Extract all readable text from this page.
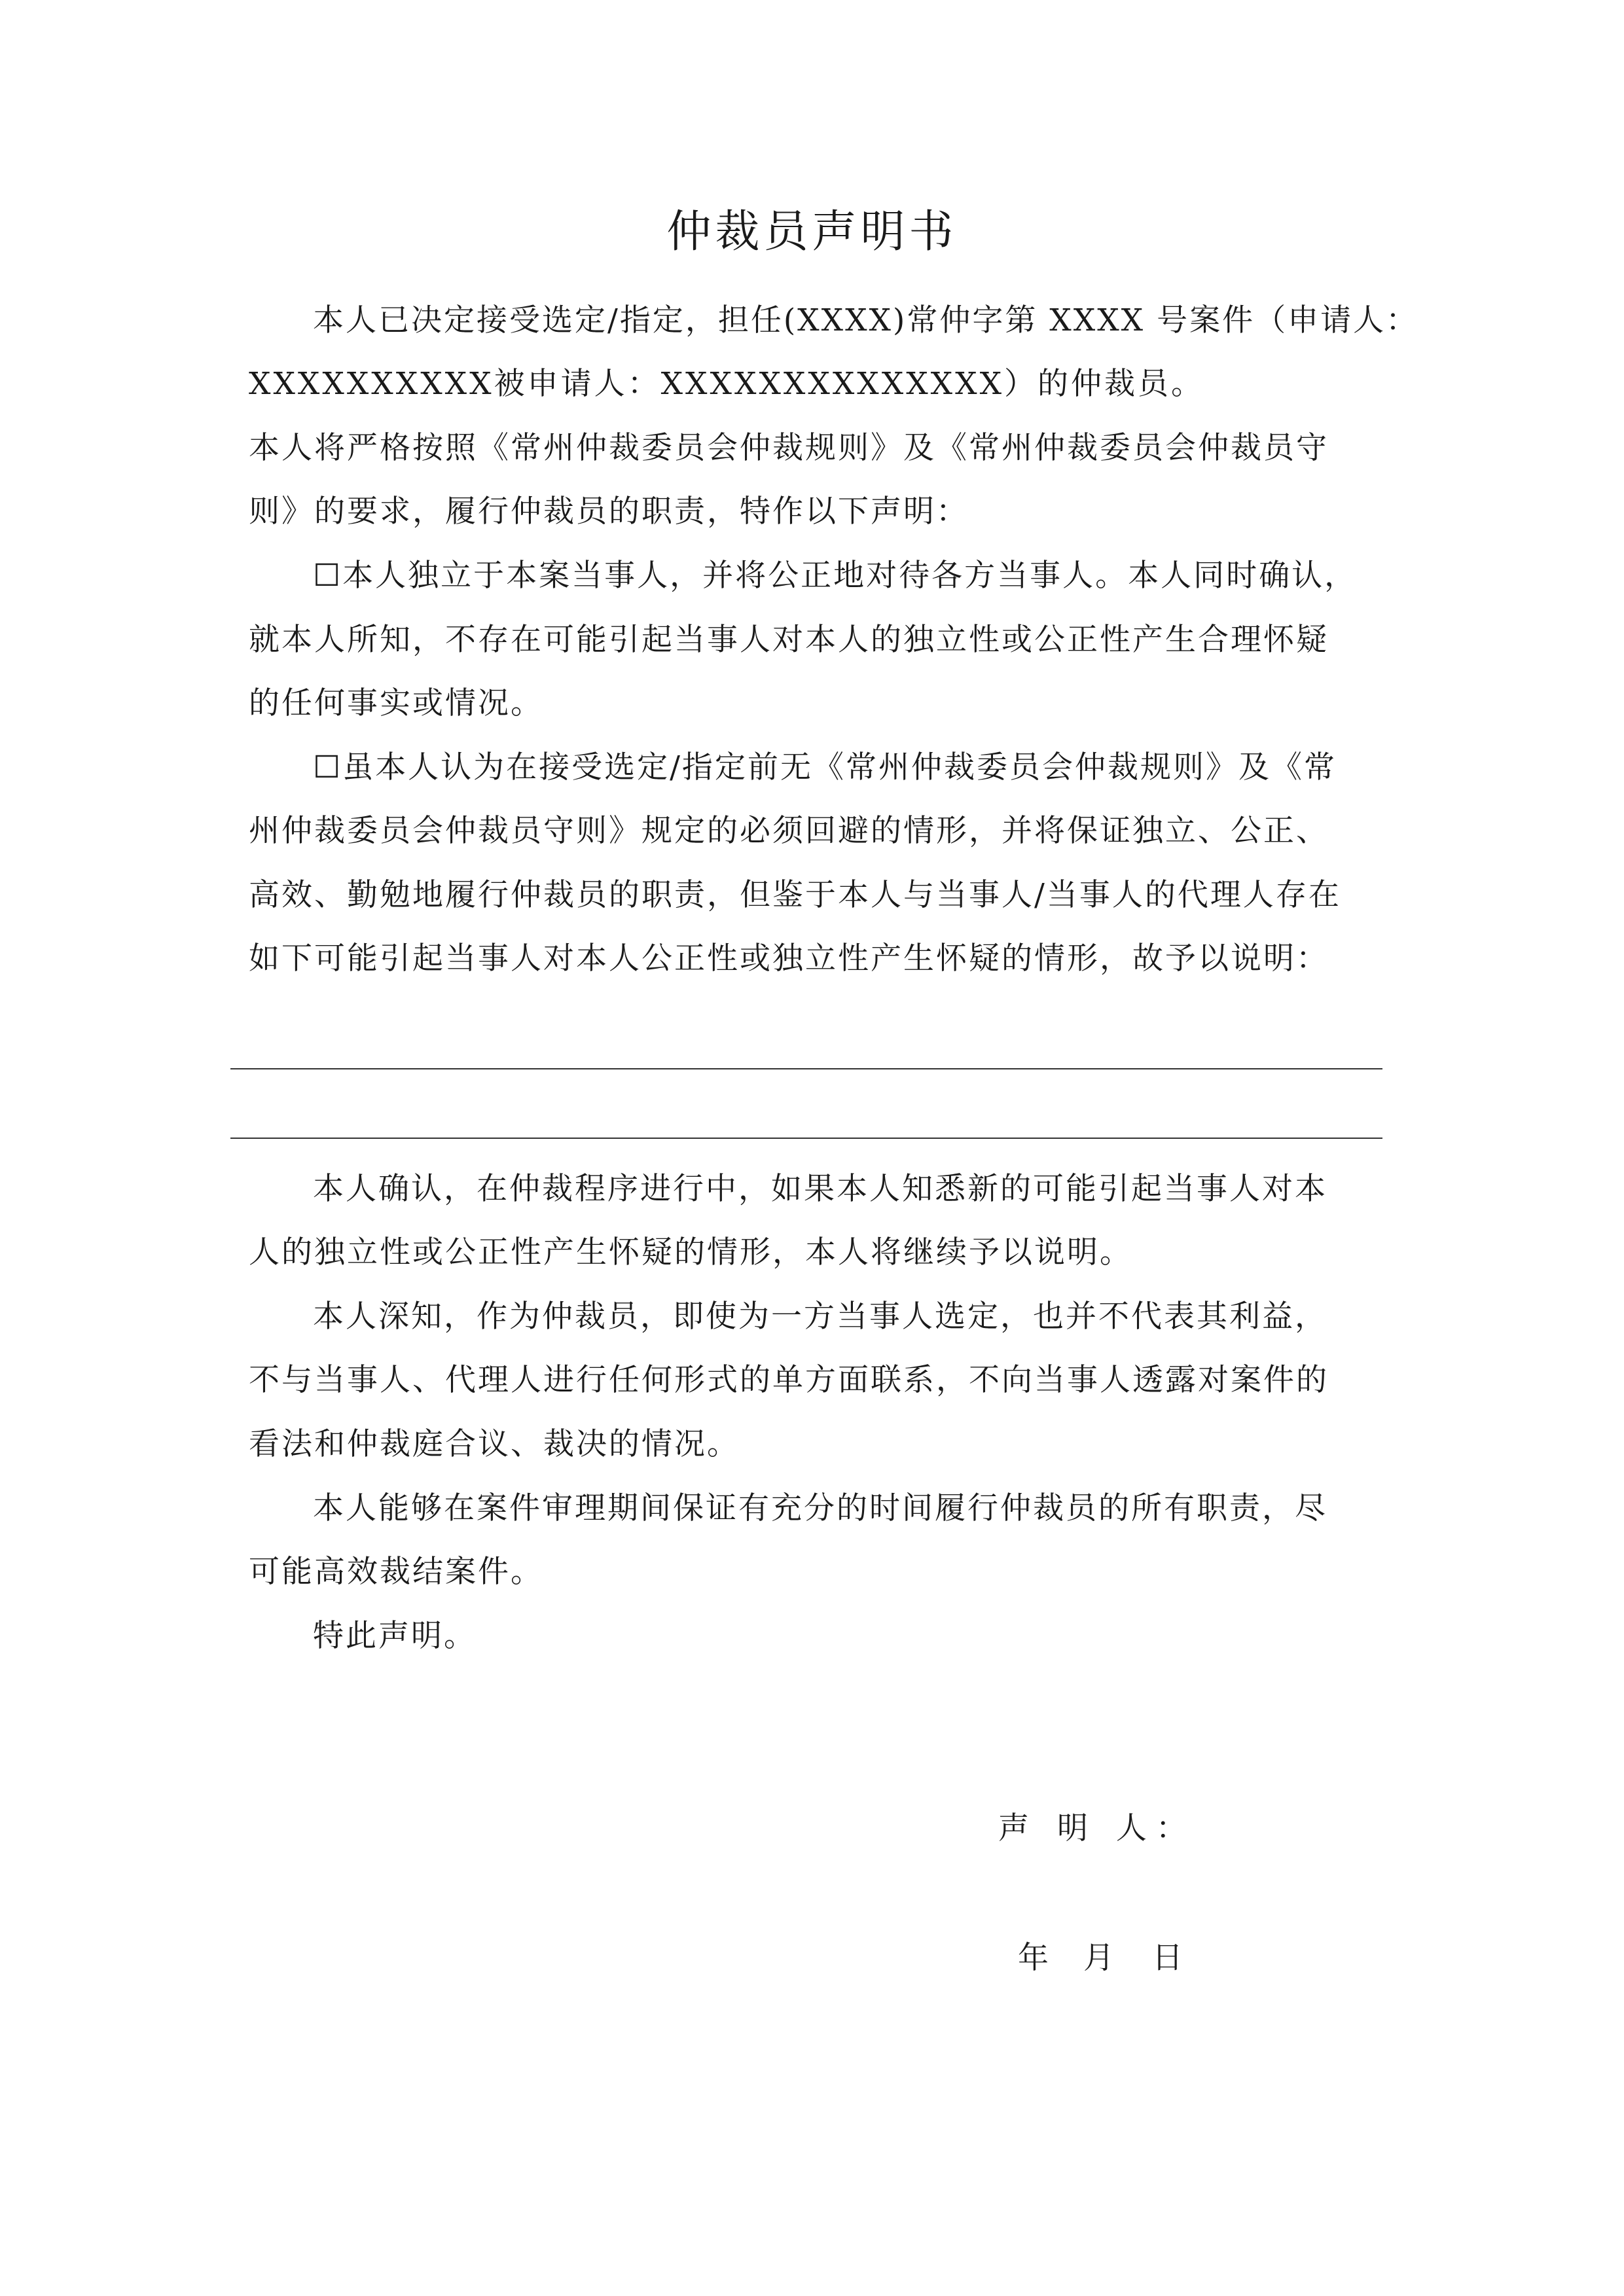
仲裁员声明书
本人已决定接受选定/指定，担任(XXXX)常仲字第 XXXX 号案件（申请人：
XXXXXXXXXX被申请人：XXXXXXXXXXXXXX）的仲裁员。
本人将严格按照《常州仲裁委员会仲裁规则》及《常州仲裁委员会仲裁员守
则》的要求，履行仲裁员的职责，特作以下声明：
☐本人独立于本案当事人，并将公正地对待各方当事人。本人同时确认，
就本人所知，不存在可能引起当事人对本人的独立性或公正性产生合理怀疑
的任何事实或情况。
☐虽本人认为在接受选定/指定前无《常州仲裁委员会仲裁规则》及《常
州仲裁委员会仲裁员守则》规定的必须回避的情形，并将保证独立、公正、
高效、勤勉地履行仲裁员的职责，但鉴于本人与当事人/当事人的代理人存在
如下可能引起当事人对本人公正性或独立性产生怀疑的情形，故予以说明：
本人确认，在仲裁程序进行中，如果本人知悉新的可能引起当事人对本
人的独立性或公正性产生怀疑的情形，本人将继续予以说明。
本人深知，作为仲裁员，即使为一方当事人选定，也并不代表其利益，
不与当事人、代理人进行任何形式的单方面联系，不向当事人透露对案件的
看法和仲裁庭合议、裁决的情况。
本人能够在案件审理期间保证有充分的时间履行仲裁员的所有职责，尽
可能高效裁结案件。
特此声明。
声 明 人：
年 月 日
